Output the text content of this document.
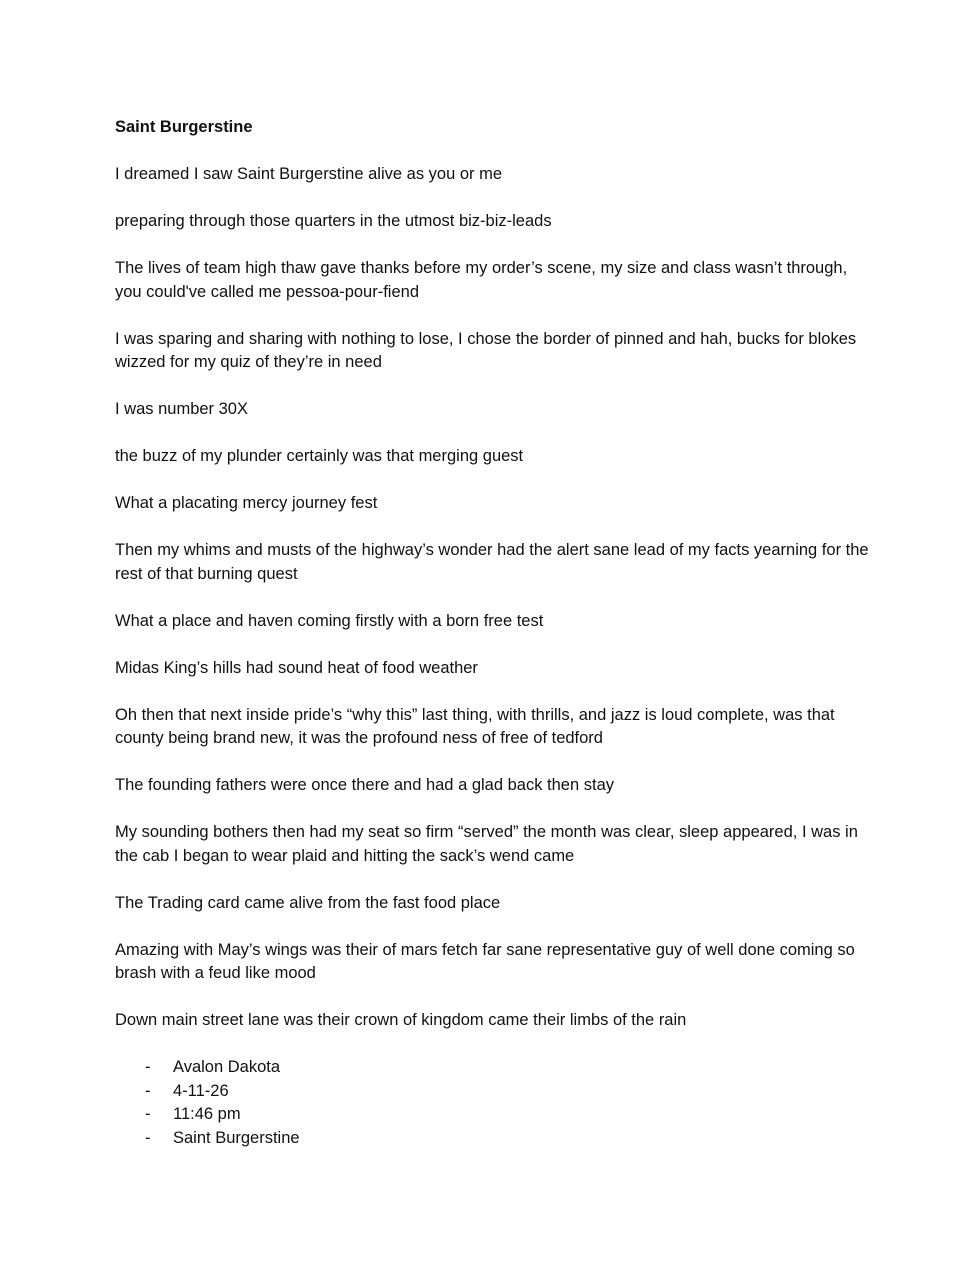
Saint Burgerstine

I dreamed I saw Saint Burgerstine alive as you or me

preparing through those quarters in the utmost biz-biz-leads

The lives of team high thaw gave thanks before my order’s scene, my size and class wasn’t through, you could've called me pessoa-pour-fiend

I was sparing and sharing with nothing to lose, I chose the border of pinned and hah, bucks for blokes wizzed for my quiz of they’re in need

I was number 30X

the buzz of my plunder certainly was that merging guest

What a placating mercy journey fest

Then my whims and musts of the highway’s wonder had the alert sane lead of my facts yearning for the rest of that burning quest

What a place and haven coming firstly with a born free test

Midas King’s hills had sound heat of food weather

Oh then that next inside pride’s “why this” last thing, with thrills, and jazz is loud complete, was that county being brand new, it was the profound ness of free of tedford

The founding fathers were once there and had a glad back then stay

My sounding bothers then had my seat so firm “served” the month was clear, sleep appeared, I was in the cab I began to wear plaid and hitting the sack’s wend came

The Trading card came alive from the fast food place

Amazing with May’s wings was their of mars fetch far sane representative guy of well done coming so brash with a feud like mood

Down main street lane was their crown of kingdom came their limbs of the rain

- Avalon Dakota
- 4-11-26
- 11:46 pm
- Saint Burgerstine
